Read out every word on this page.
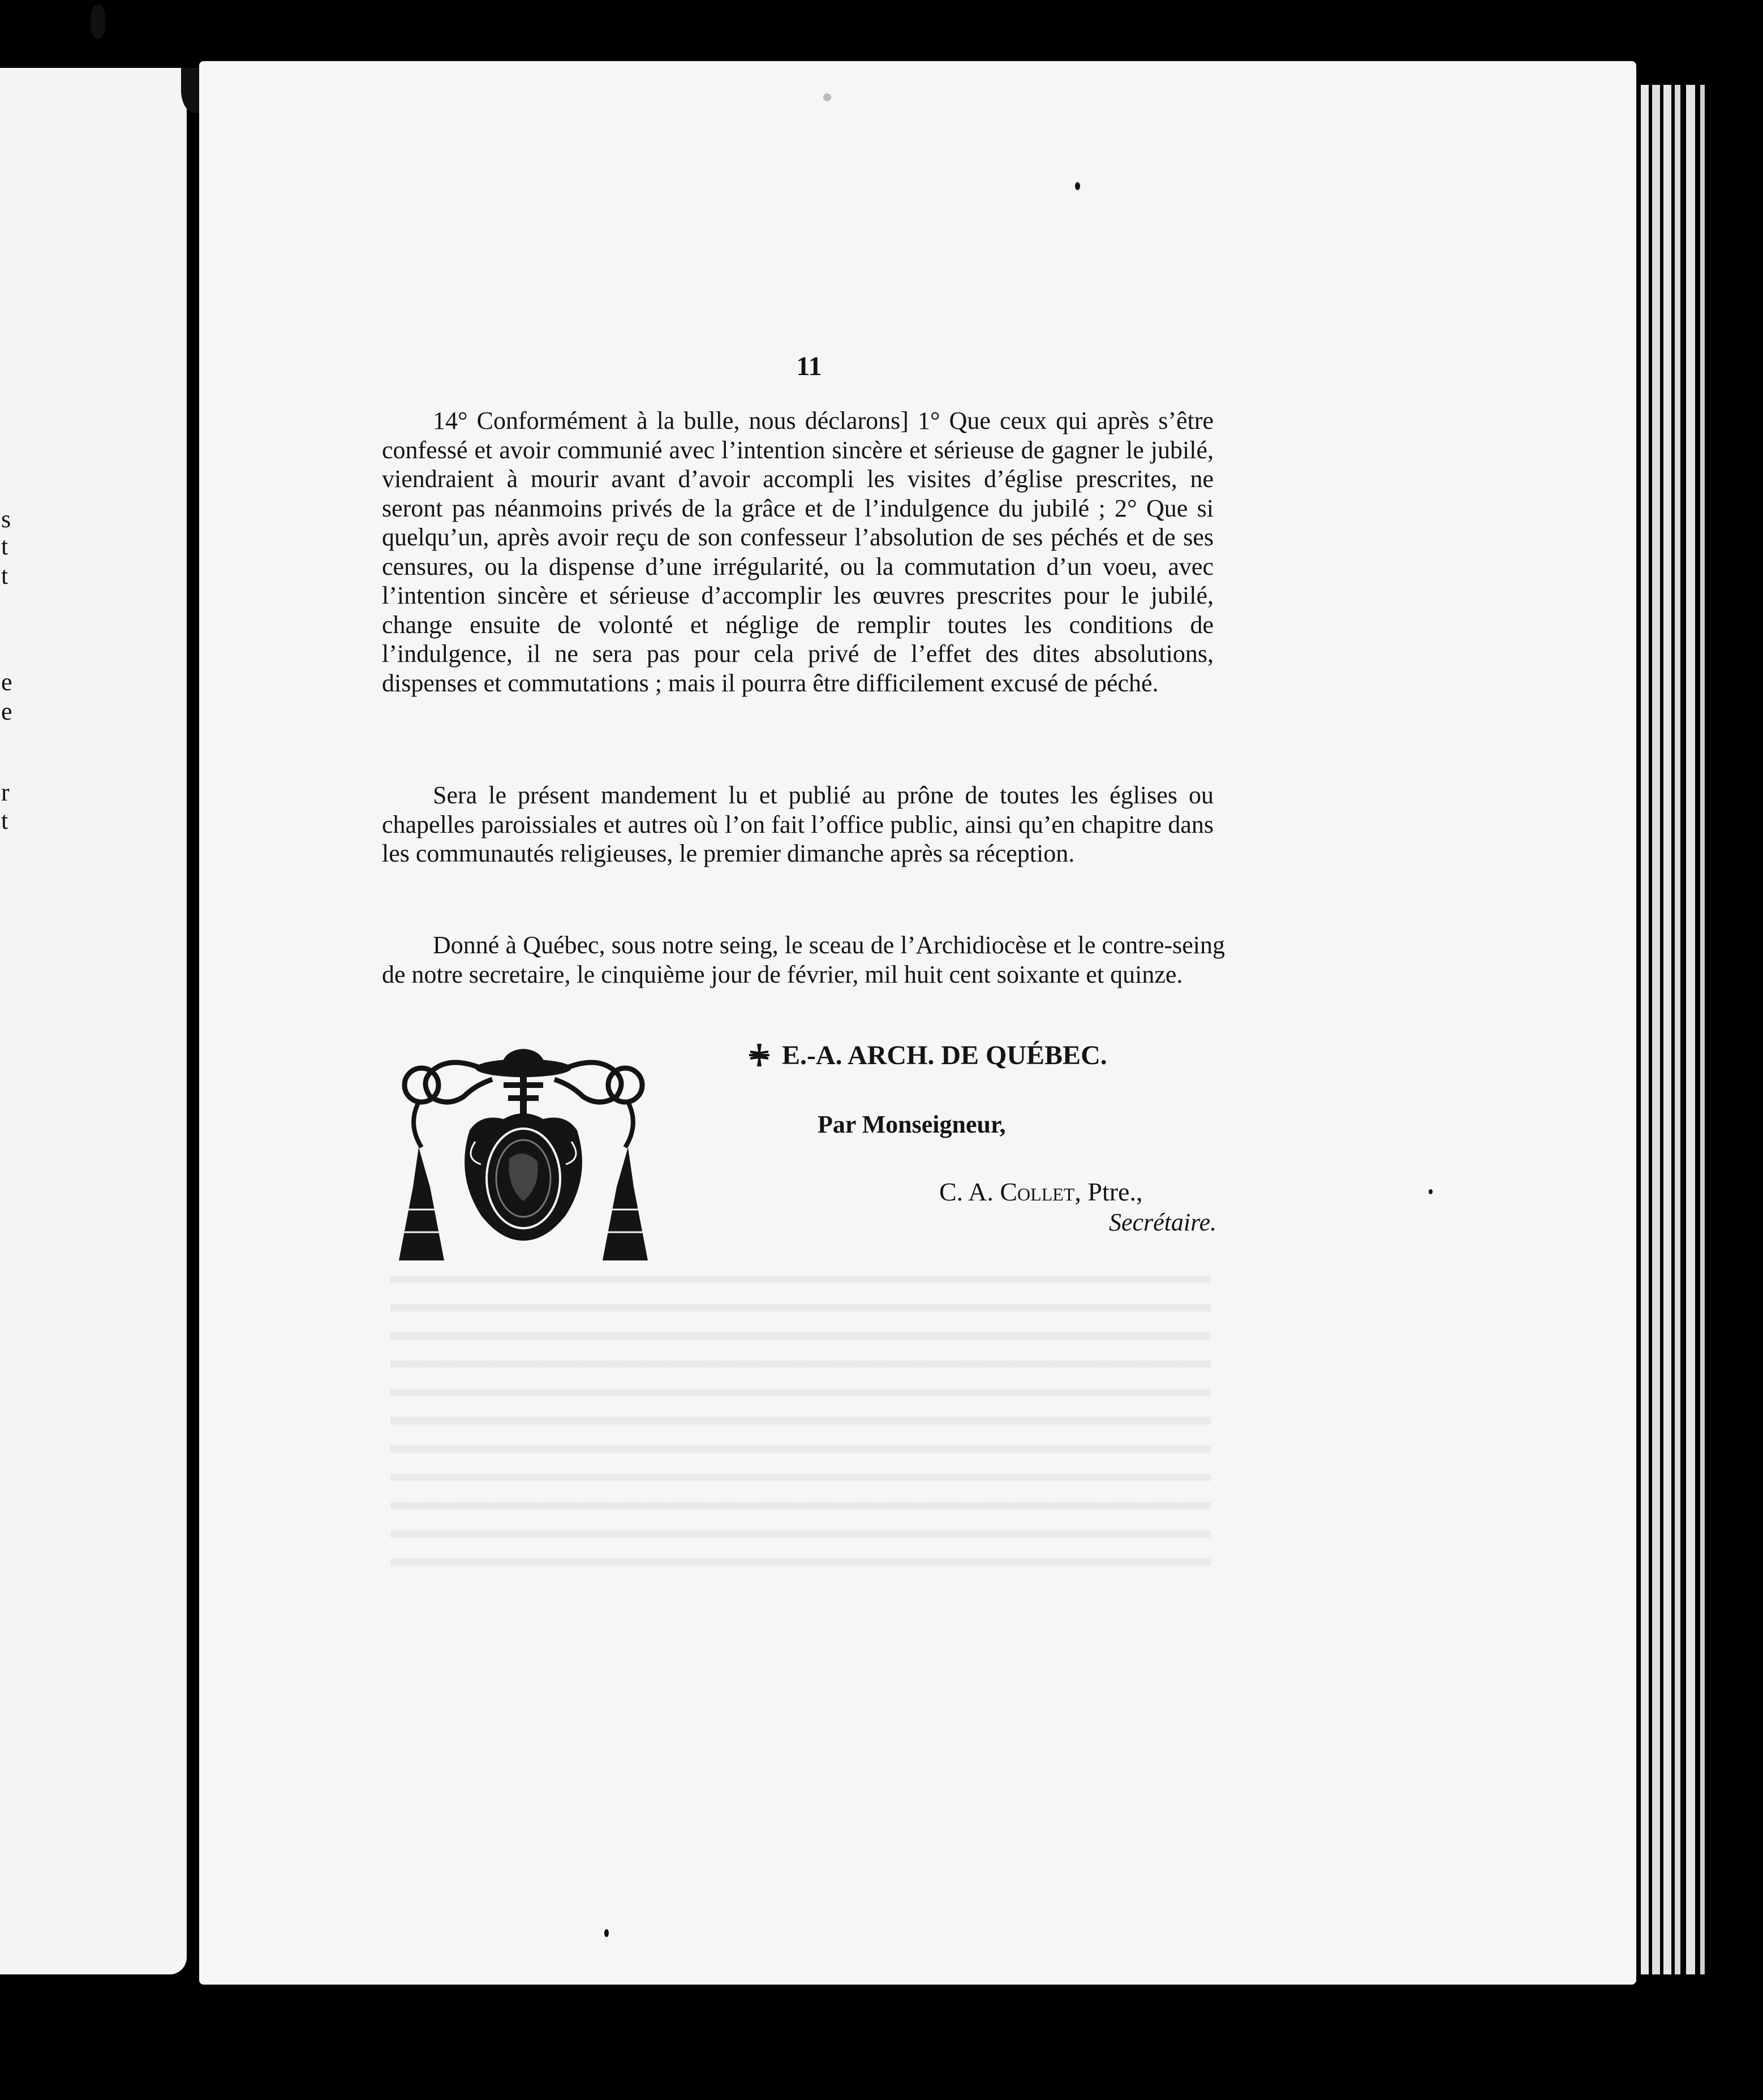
s
t
t
e
e
r
t
11

14° Conformément à la bulle, nous déclarons] 1° Que ceux qui après s’être confessé et avoir communié avec l’intention sincère et sérieuse de gagner le jubilé, viendraient à mourir avant d’avoir accompli les visites d’église prescrites, ne seront pas néanmoins privés de la grâce et de l’indulgence du jubilé ; 2° Que si quelqu’un, après avoir reçu de son confesseur l’absolution de ses péchés et de ses censures, ou la dispense d’une irrégularité, ou la commutation d’un voeu, avec l’intention sincère et sérieuse d’accomplir les œuvres prescrites pour le jubilé, change ensuite de volonté et néglige de remplir toutes les conditions de l’indulgence, il ne sera pas pour cela privé de l’effet des dites absolutions, dispenses et commutations ; mais il pourra être difficilement excusé de péché.

Sera le présent mandement lu et publié au prône de toutes les églises ou chapelles paroissiales et autres où l’on fait l’office public, ainsi qu’en chapitre dans les communautés religieuses, le premier dimanche après sa réception.

Donné à Québec, sous notre seing, le sceau de l’Archidiocèse et le contre-seing de notre secretaire, le cinquième jour de février, mil huit cent soixante et quinze.

E.-A. ARCH. DE QUÉBEC.
Par Monseigneur,
C. A. Collet, Ptre.,
Secrétaire.
